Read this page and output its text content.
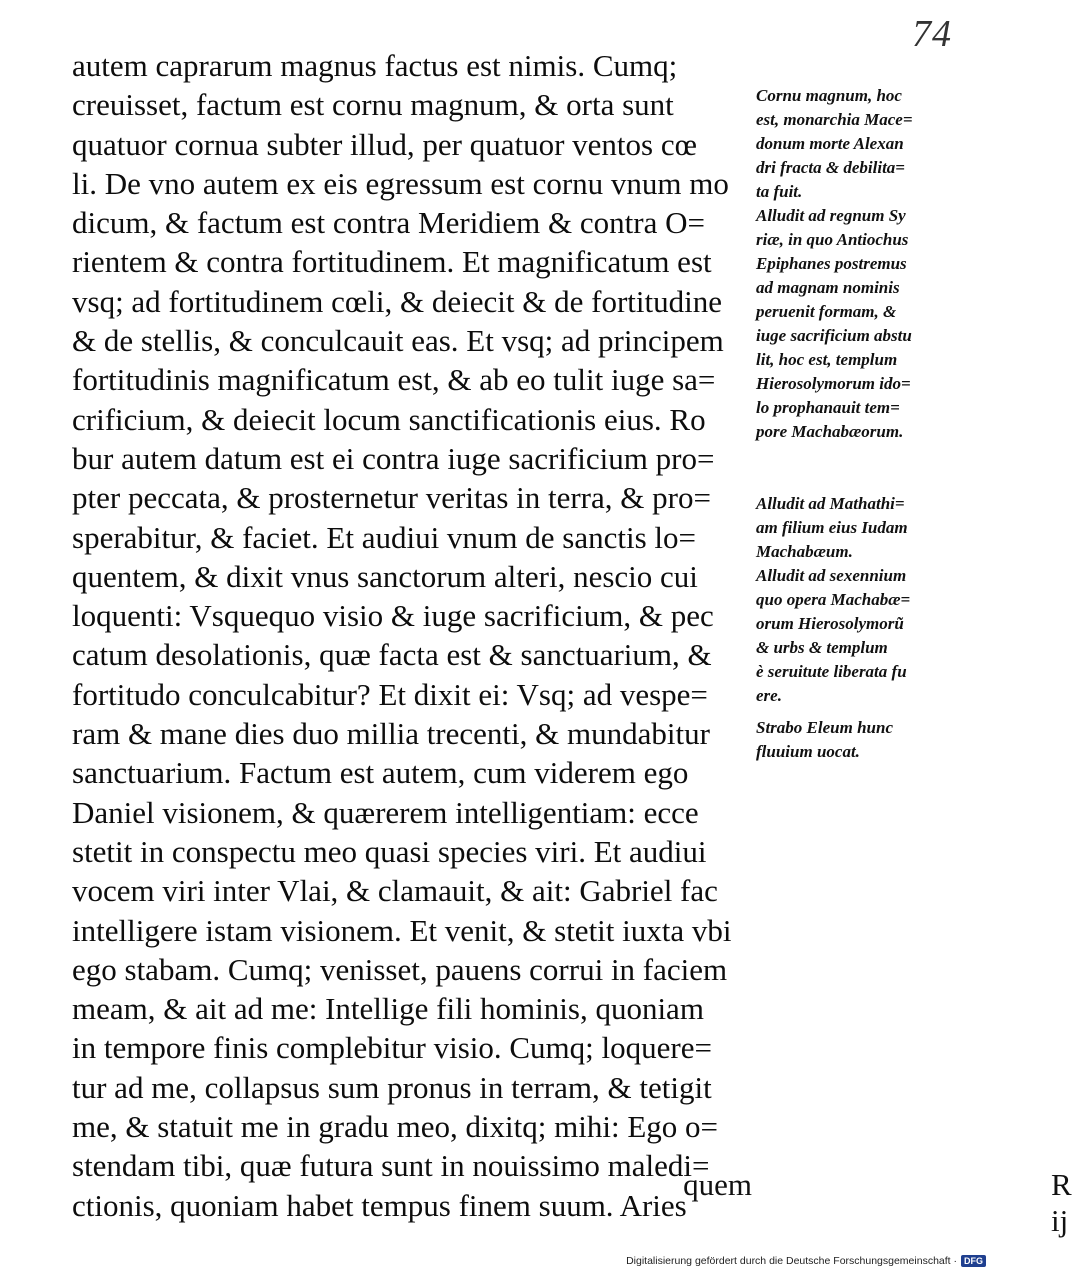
74
autem caprarum magnus factus est nimis. Cumq;
creuisset, factum est cornu magnum, & orta sunt
quatuor cornua subter illud, per quatuor ventos cœ
li. De vno autem ex eis egressum est cornu vnum mo
dicum, & factum est contra Meridiem & contra O=
rientem & contra fortitudinem. Et magnificatum est
vsq; ad fortitudinem cœli, & deiecit & de fortitudine
& de stellis, & conculcauit eas. Et vsq; ad principem
fortitudinis magnificatum est, & ab eo tulit iuge sa=
crificium, & deiecit locum sanctificationis eius. Ro
bur autem datum est ei contra iuge sacrificium pro=
pter peccata, & prosternetur veritas in terra, & pro=
sperabitur, & faciet. Et audiui vnum de sanctis lo=
quentem, & dixit vnus sanctorum alteri, nescio cui
loquenti: Vsquequo visio & iuge sacrificium, & pec
catum desolationis, quæ facta est & sanctuarium, &
fortitudo conculcabitur? Et dixit ei: Vsq; ad vespe=
ram & mane dies duo millia trecenti, & mundabitur
sanctuarium. Factum est autem, cum viderem ego
Daniel visionem, & quærerem intelligentiam: ecce
stetit in conspectu meo quasi species viri. Et audiui
vocem viri inter Vlai, & clamauit, & ait: Gabriel fac
intelligere istam visionem. Et venit, & stetit iuxta vbi
ego stabam. Cumq; venisset, pauens corrui in faciem
meam, & ait ad me: Intellige fili hominis, quoniam
in tempore finis complebitur visio. Cumq; loquere=
tur ad me, collapsus sum pronus in terram, & tetigit
me, & statuit me in gradu meo, dixitq; mihi: Ego o=
stendam tibi, quæ futura sunt in nouissimo maledi=
ctionis, quoniam habet tempus finem suum. Aries
Cornu magnum, hoc
est, monarchia Mace=
donum morte Alexan
dri fracta & debilita=
ta fuit.
Alludit ad regnum Sy
riæ, in quo Antiochus
Epiphanes postremus
ad magnam nominis
peruenit formam, &
iuge sacrificium abstu
lit, hoc est, templum
Hierosolymorum ido=
lo prophanauit tem=
pore Machabæorum.
Alludit ad Mathathi=
am filium eius Iudam
Machabæum.
Alludit ad sexennium
quo opera Machabæ=
orum Hierosolymorũ
& urbs & templum
è seruitute liberata fu
ere.
Strabo Eleum hunc
fluuium uocat.
R ij
quem
Digitalisierung gefördert durch die Deutsche Forschungsgemeinschaft · DFG
